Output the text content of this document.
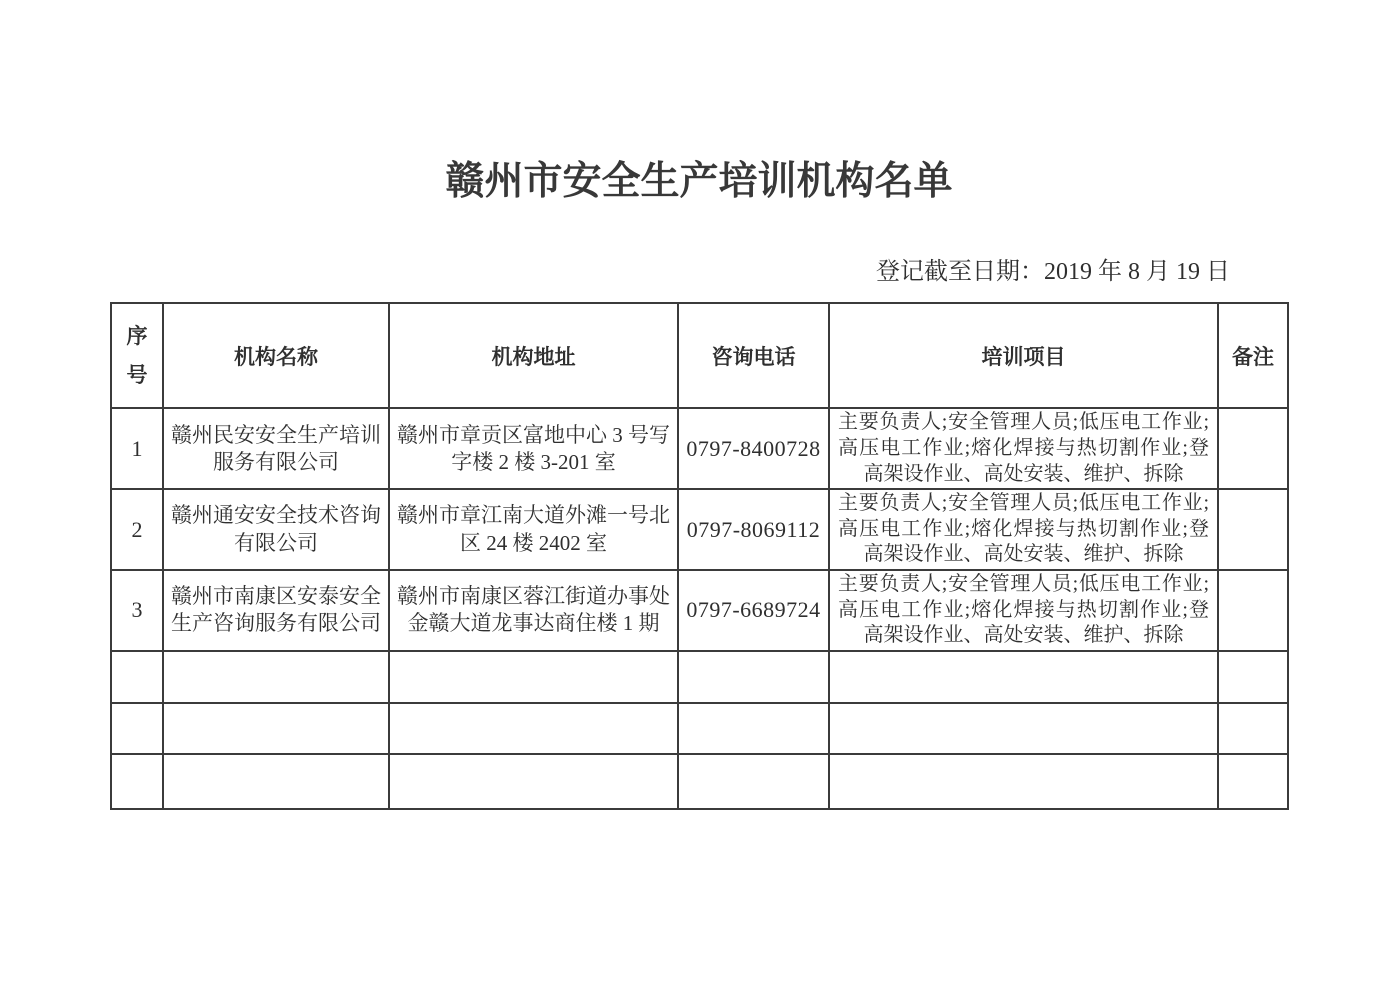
赣州市安全生产培训机构名单
登记截至日期：2019 年 8 月 19 日
序号	机构名称	机构地址	咨询电话	培训项目	备注
1	赣州民安安全生产培训服务有限公司	赣州市章贡区富地中心 3 号写字楼 2 楼 3-201 室	0797-8400728	主要负责人;安全管理人员;低压电工作业;高压电工作业;熔化焊接与热切割作业;登高架设作业、高处安装、维护、拆除	
2	赣州通安安全技术咨询有限公司	赣州市章江南大道外滩一号北区 24 楼 2402 室	0797-8069112	主要负责人;安全管理人员;低压电工作业;高压电工作业;熔化焊接与热切割作业;登高架设作业、高处安装、维护、拆除	
3	赣州市南康区安泰安全生产咨询服务有限公司	赣州市南康区蓉江街道办事处金赣大道龙事达商住楼 1 期	0797-6689724	主要负责人;安全管理人员;低压电工作业;高压电工作业;熔化焊接与热切割作业;登高架设作业、高处安装、维护、拆除	
